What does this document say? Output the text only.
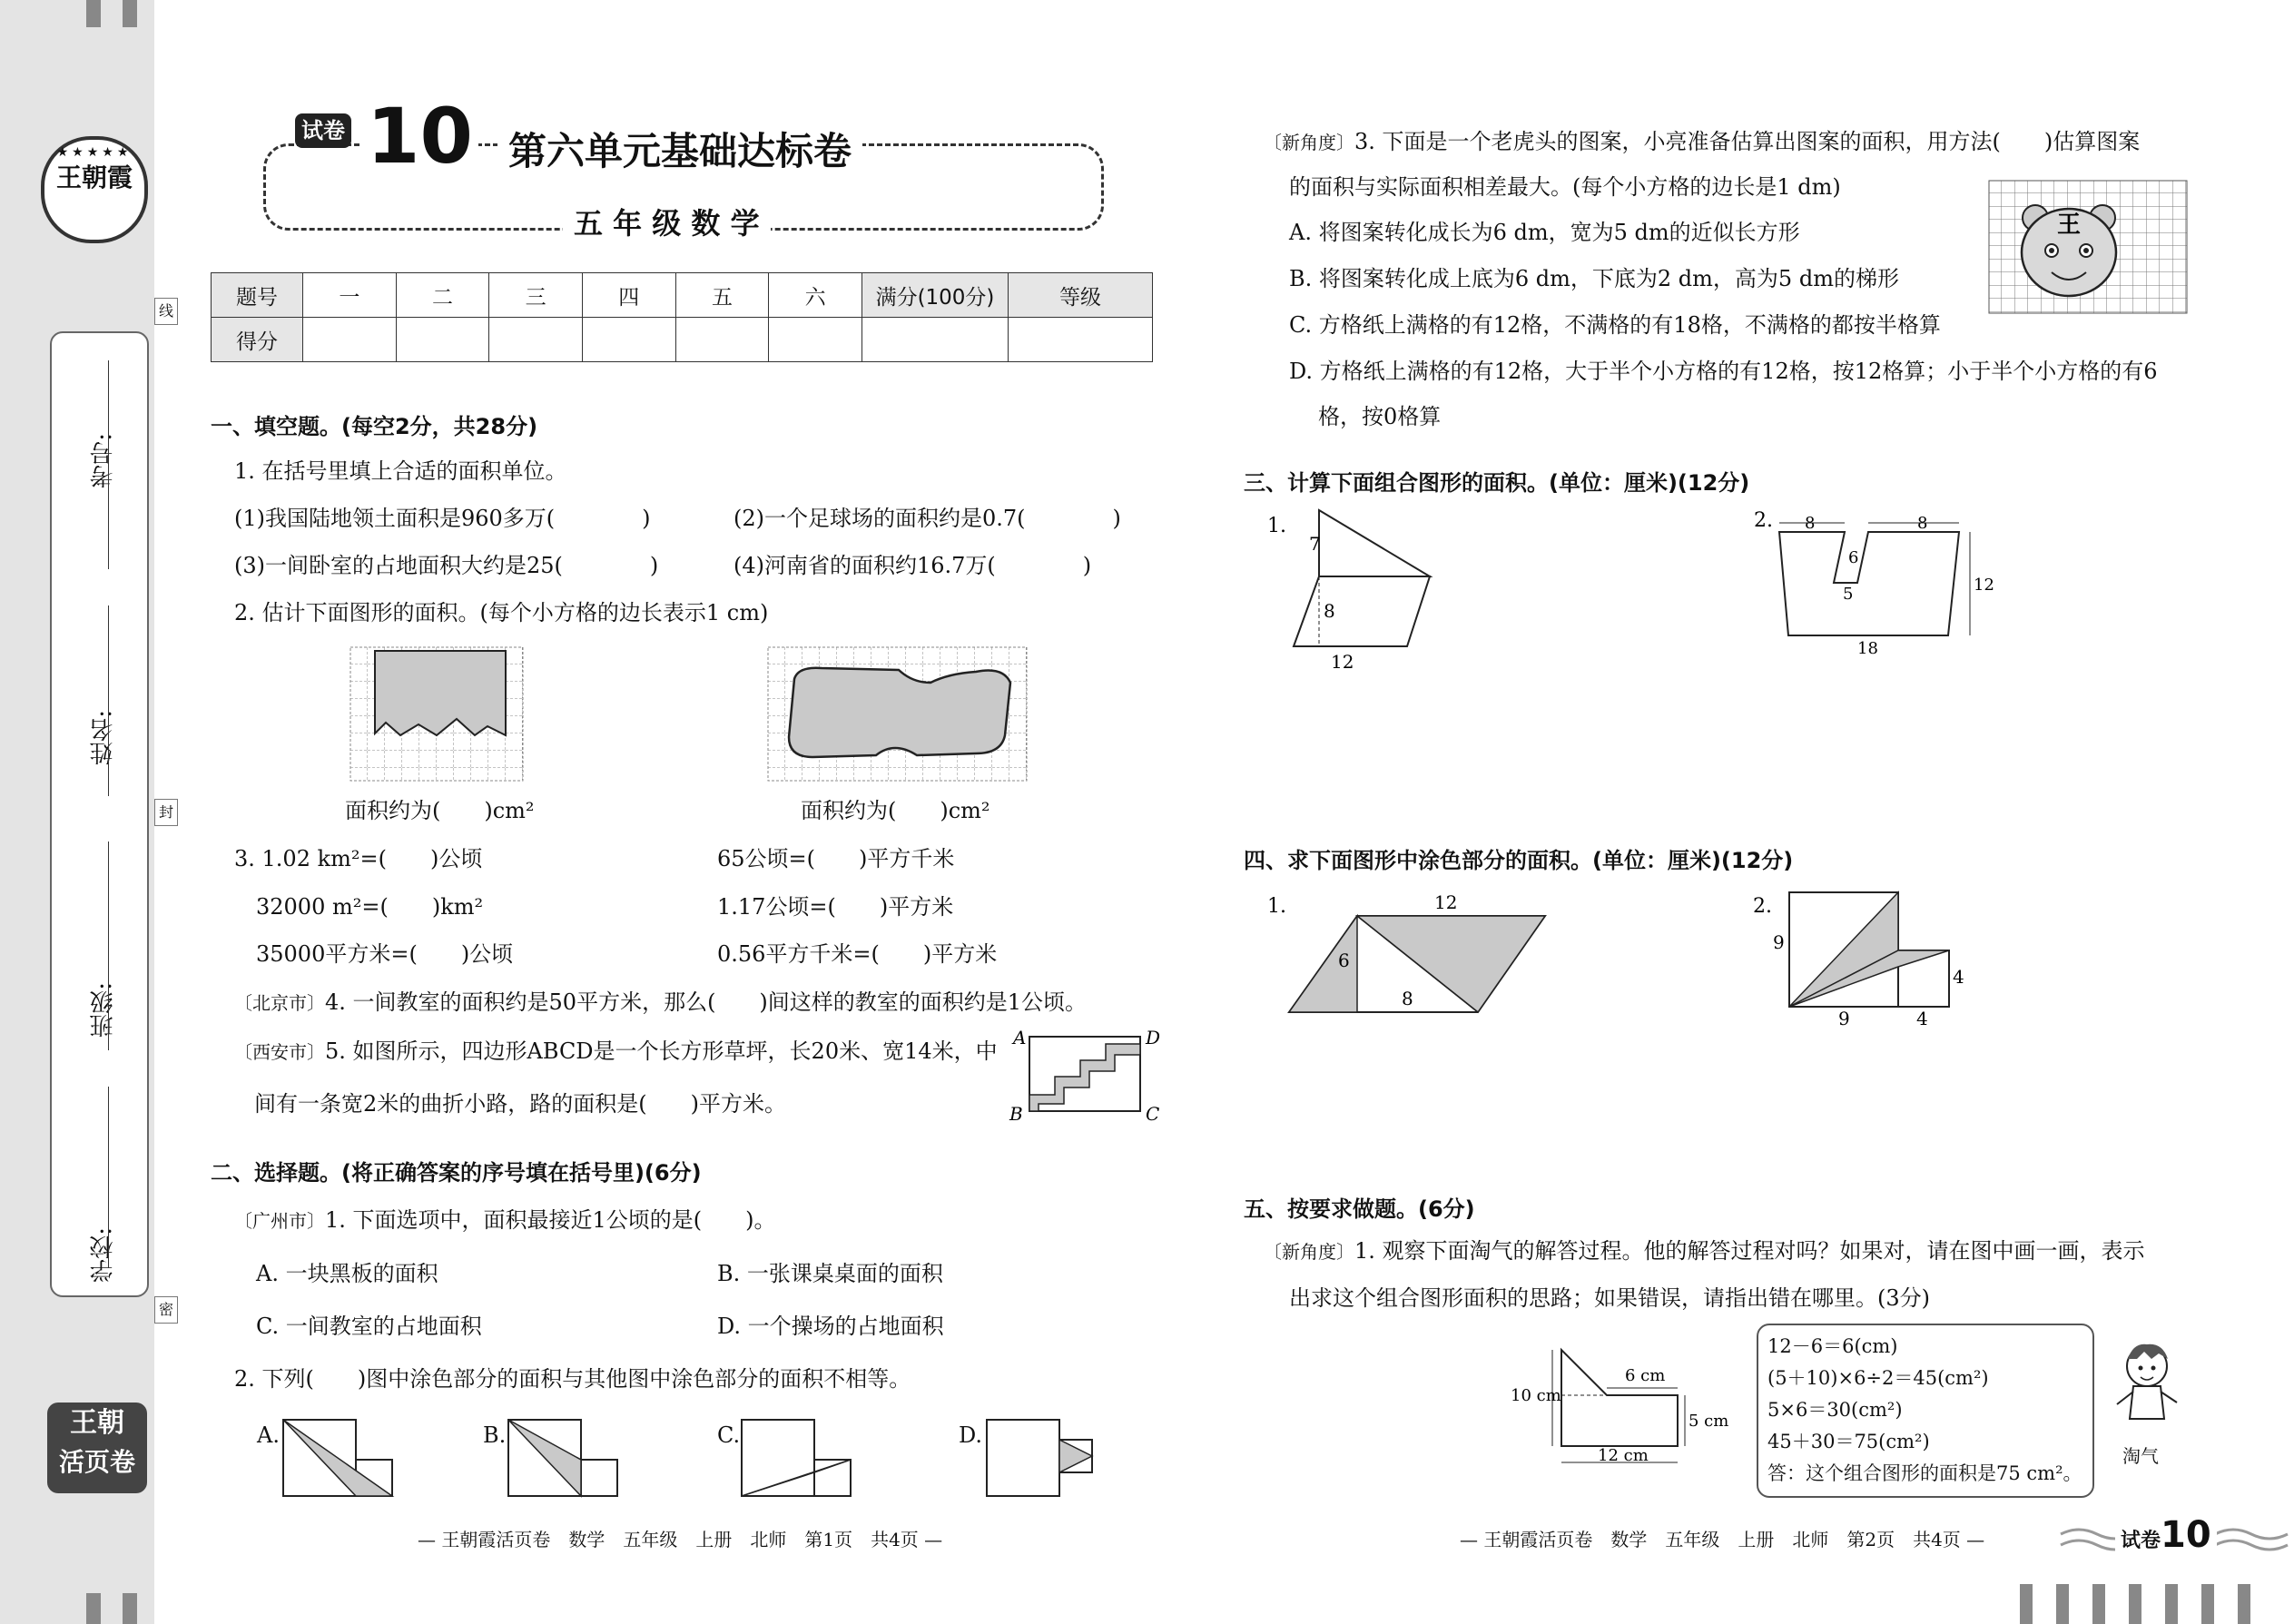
★★★★★
王朝霞
考号:
姓名:
班级:
学校:
线
封
密
王朝
活页卷
试卷 10 第六单元基础达标卷
五 年 级 数 学
题号	一	二	三	四	五	六	满分(100分)	等级
得分								
一、填空题。(每空2分，共28分)
1. 在括号里填上合适的面积单位。
(1)我国陆地领土面积是960多万(　　　　)	(2)一个足球场的面积约是0.7(　　　　)
(3)一间卧室的占地面积大约是25(　　　　)	(4)河南省的面积约16.7万(　　　　)
2. 估计下面图形的面积。(每个小方格的边长表示1 cm)
面积约为(　　)cm²	面积约为(　　)cm²
3. 1.02 km²=(　　)公顷	65公顷=(　　)平方千米
32000 m²=(　　)km²	1.17公顷=(　　)平方米
35000平方米=(　　)公顷	0.56平方千米=(　　)平方米
〔北京市〕4. 一间教室的面积约是50平方米，那么(　　)间这样的教室的面积约是1公顷。
〔西安市〕5. 如图所示，四边形ABCD是一个长方形草坪，长20米、宽14米，中
间有一条宽2米的曲折小路，路的面积是(　　)平方米。
A	D
B	C
二、选择题。(将正确答案的序号填在括号里)(6分)
〔广州市〕1. 下面选项中，面积最接近1公顷的是(　　)。
A. 一块黑板的面积	B. 一张课桌桌面的面积
C. 一间教室的占地面积	D. 一个操场的占地面积
2. 下列(　　)图中涂色部分的面积与其他图中涂色部分的面积不相等。
A.	B.	C.	D.
— 王朝霞活页卷　数学　五年级　上册　北师　第1页　共4页 —
〔新角度〕3. 下面是一个老虎头的图案，小亮准备估算出图案的面积，用方法(　　)估算图案
的面积与实际面积相差最大。(每个小方格的边长是1 dm)
A. 将图案转化成长为6 dm，宽为5 dm的近似长方形
B. 将图案转化成上底为6 dm，下底为2 dm，高为5 dm的梯形
C. 方格纸上满格的有12格，不满格的有18格，不满格的都按半格算
D. 方格纸上满格的有12格，大于半个小方格的有12格，按12格算；小于半个小方格的有6
格，按0格算
王
三、计算下面组合图形的面积。(单位：厘米)(12分)
1.
7
8
12
2. 8	8
6
5	12
18
四、求下面图形中涂色部分的面积。(单位：厘米)(12分)
1.	12
6
8
2.
9
9
4
4
五、按要求做题。(6分)
〔新角度〕1. 观察下面淘气的解答过程。他的解答过程对吗？如果对，请在图中画一画，表示
出求这个组合图形面积的思路；如果错误，请指出错在哪里。(3分)
10 cm
6 cm
5 cm
12 cm
12－6＝6(cm)
(5＋10)×6÷2＝45(cm²)
5×6＝30(cm²)
45＋30＝75(cm²)
答：这个组合图形的面积是75 cm²。
淘气
— 王朝霞活页卷　数学　五年级　上册　北师　第2页　共4页 —	试卷10
